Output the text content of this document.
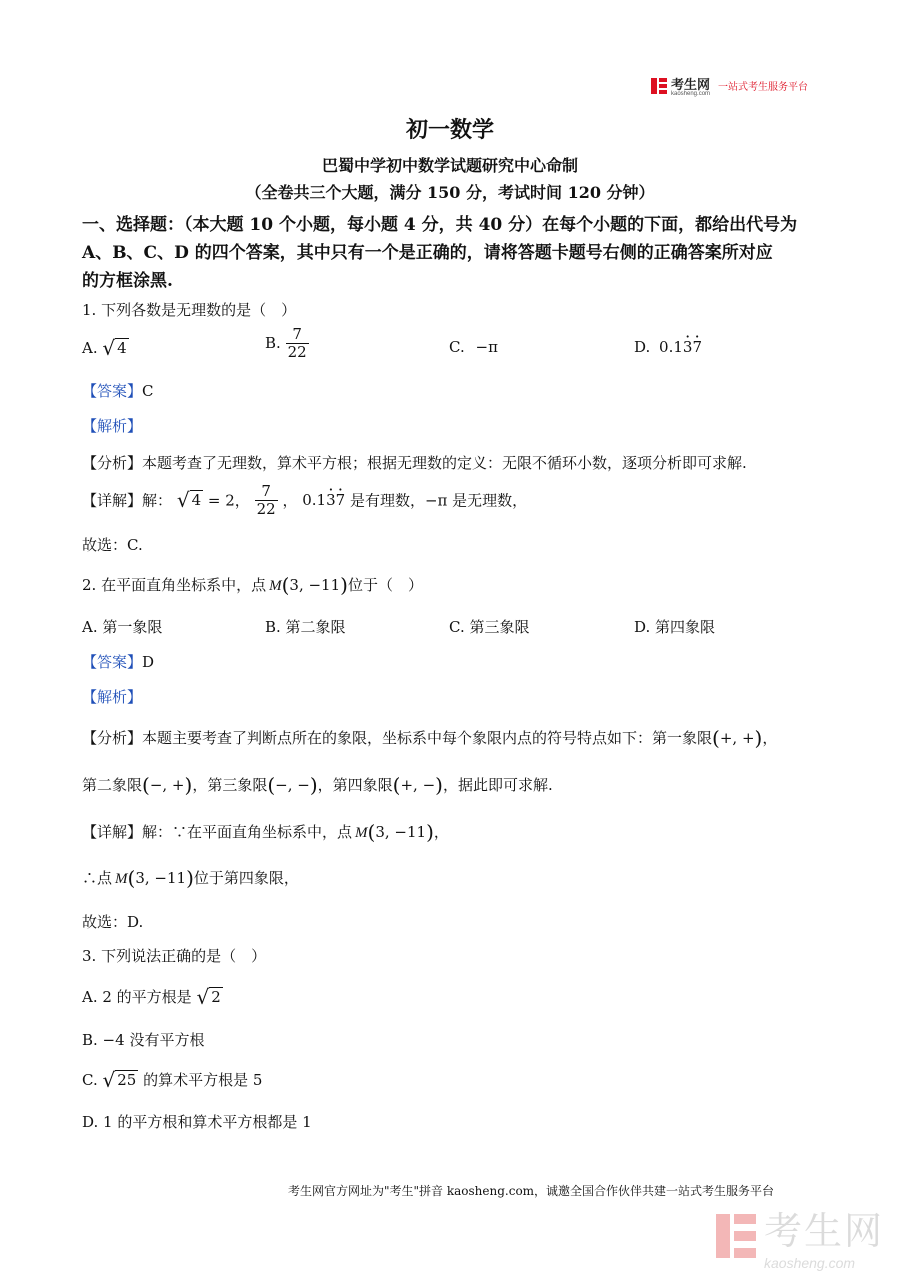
考生网
kaosheng.com
一站式考生服务平台
初一数学
巴蜀中学初中数学试题研究中心命制
（全卷共三个大题，满分 150 分，考试时间 120 分钟）
一、选择题：（本大题 10 个小题，每小题 4 分，共 40 分）在每个小题的下面，都给出代号为
A、B、C、D 的四个答案，其中只有一个是正确的，请将答题卡题号右侧的正确答案所对应
的方框涂黑.
1. 下列各数是无理数的是（　）
A. √ 4	B. $\frac{7}{22}$	C. −π	D. 0.1· 3· 7
【答案】C
【解析】
【分析】本题考查了无理数，算术平方根；根据无理数的定义：无限不循环小数，逐项分析即可求解.
【详解】解： √ 4 = 2， $\frac{7}{22}$ ， 0.1· 3· 7 是有理数，−π 是无理数，
故选：C.
2. 在平面直角坐标系中，点 M(3, −11)位于（　）
A. 第一象限	B. 第二象限	C. 第三象限	D. 第四象限
【答案】D
【解析】
【分析】本题主要考查了判断点所在的象限，坐标系中每个象限内点的符号特点如下：第一象限(+, +)，
第二象限(−, +)，第三象限(−, −)，第四象限(+, −)，据此即可求解.
【详解】解：∵在平面直角坐标系中，点 M(3, −11)，
∴点 M(3, −11)位于第四象限，
故选：D.
3. 下列说法正确的是（　）
A. 2 的平方根是 √ 2
B. −4 没有平方根
C. √ 25 的算术平方根是 5
D. 1 的平方根和算术平方根都是 1
考生网官方网址为"考生"拼音 kaosheng.com，诚邀全国合作伙伴共建一站式考生服务平台
考生网
kaosheng.com
